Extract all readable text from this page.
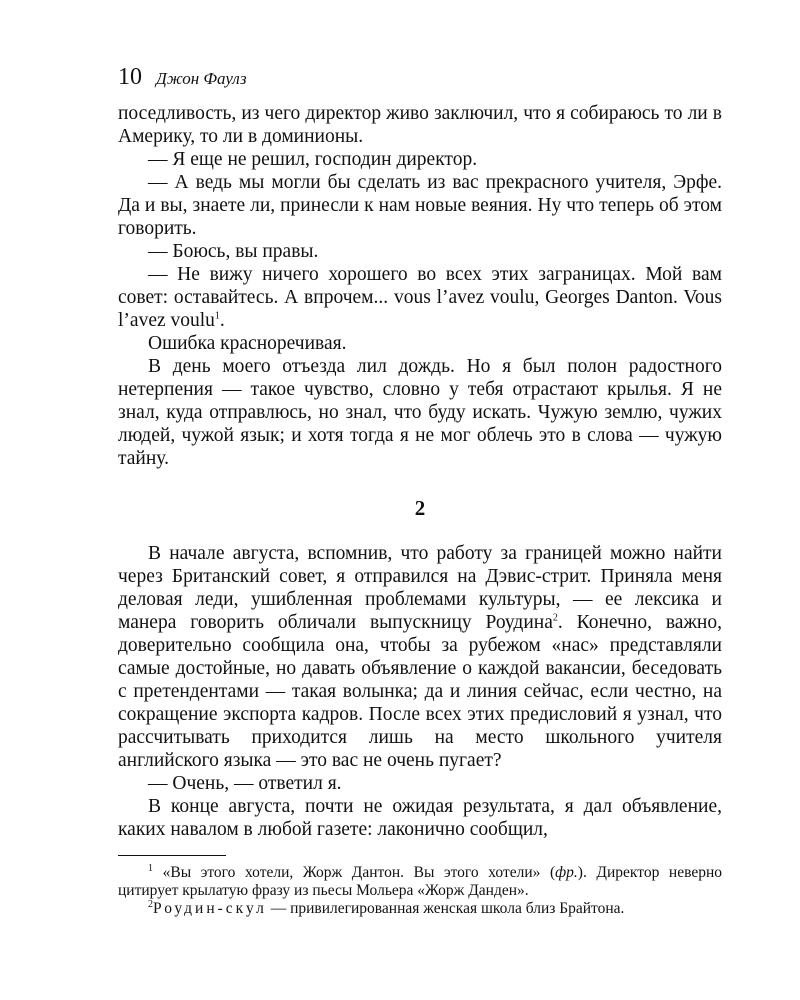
10 Джон Фаулз

поседливость, из чего директор живо заключил, что я собираюсь то ли в Америку, то ли в доминионы.

— Я еще не решил, господин директор.

— А ведь мы могли бы сделать из вас прекрасного учителя, Эрфе. Да и вы, знаете ли, принесли к нам новые веяния. Ну что теперь об этом говорить.

— Боюсь, вы правы.

— Не вижу ничего хорошего во всех этих заграницах. Мой вам совет: оставайтесь. А впрочем... vous l’avez voulu, Georges Danton. Vous l’avez voulu$^1$.

Ошибка красноречивая.

В день моего отъезда лил дождь. Но я был полон радостного нетерпения — такое чувство, словно у тебя отрастают крылья. Я не знал, куда отправлюсь, но знал, что буду искать. Чужую землю, чужих людей, чужой язык; и хотя тогда я не мог облечь это в слова — чужую тайну.

2

В начале августа, вспомнив, что работу за границей можно найти через Британский совет, я отправился на Дэвис-стрит. Приняла меня деловая леди, ушибленная проблемами культуры, — ее лексика и манера говорить обличали выпускницу Роудина$^2$. Конечно, важно, доверительно сообщила она, чтобы за рубежом «нас» представляли самые достойные, но давать объявление о каждой вакансии, беседовать с претендентами — такая волынка; да и линия сейчас, если честно, на сокращение экспорта кадров. После всех этих предисловий я узнал, что рассчитывать приходится лишь на место школьного учителя английского языка — это вас не очень пугает?

— Очень, — ответил я.

В конце августа, почти не ожидая результата, я дал объявление, каких навалом в любой газете: лаконично сообщил,

$^1$ «Вы этого хотели, Жорж Дантон. Вы этого хотели» (фр.). Директор неверно цитирует крылатую фразу из пьесы Мольера «Жорж Данден».

$^2$Роудин-скул — привилегированная женская школа близ Брайтона.
